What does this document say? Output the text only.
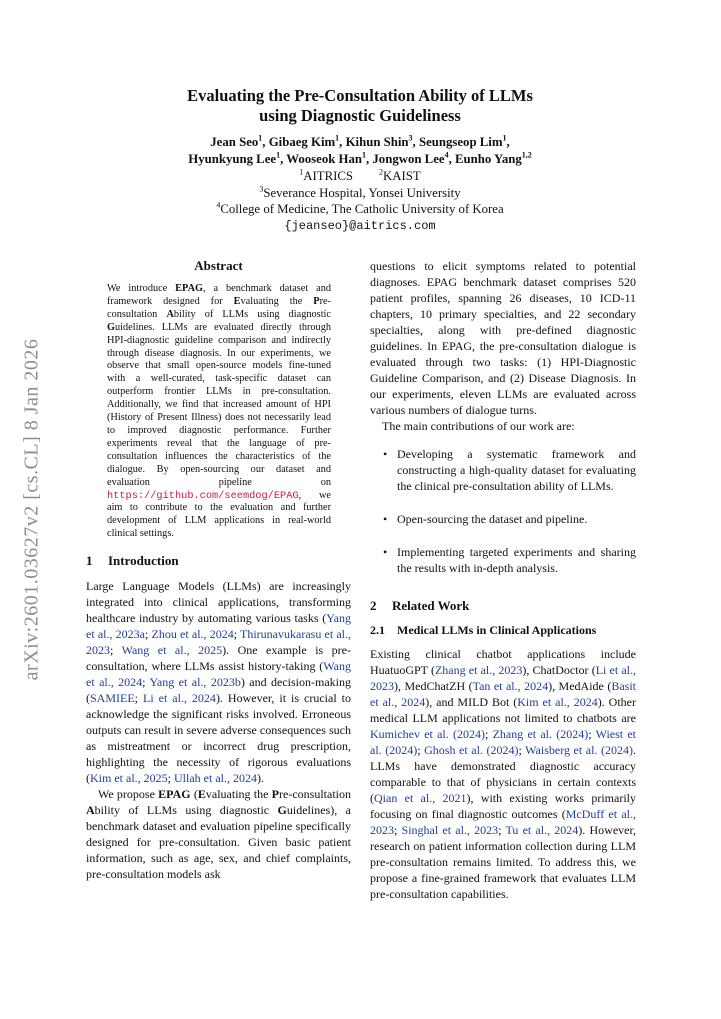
arXiv:2601.03627v2 [cs.CL] 8 Jan 2026
Evaluating the Pre-Consultation Ability of LLMs
using Diagnostic Guideliness
Jean Seo$^1$, Gibaeg Kim$^1$, Kihun Shin$^3$, Seungseop Lim$^1$,
Hyunkyung Lee$^1$, Wooseok Han$^1$, Jongwon Lee$^4$, Eunho Yang$^{1,2}$
$^1$AITRICS	$^2$KAIST
$^3$Severance Hospital, Yonsei University
$^4$College of Medicine, The Catholic University of Korea
{jeanseo}@aitrics.com
Abstract

We introduce EPAG, a benchmark dataset and framework designed for Evaluating the Pre-consultation Ability of LLMs using diagnostic Guidelines. LLMs are evaluated directly through HPI-diagnostic guideline comparison and indirectly through disease diagnosis. In our experiments, we observe that small open-source models fine-tuned with a well-curated, task-specific dataset can outperform frontier LLMs in pre-consultation. Additionally, we find that increased amount of HPI (History of Present Illness) does not necessarily lead to improved diagnostic performance. Further experiments reveal that the language of pre-consultation influences the characteristics of the dialogue. By open-sourcing our dataset and evaluation pipeline on https://github.com/seemdog/EPAG, we aim to contribute to the evaluation and further development of LLM applications in real-world clinical settings.

1 Introduction

Large Language Models (LLMs) are increasingly integrated into clinical applications, transforming healthcare industry by automating various tasks (Yang et al., 2023a; Zhou et al., 2024; Thirunavukarasu et al., 2023; Wang et al., 2025). One example is pre-consultation, where LLMs assist history-taking (Wang et al., 2024; Yang et al., 2023b) and decision-making (SAMIEE; Li et al., 2024). However, it is crucial to acknowledge the significant risks involved. Erroneous outputs can result in severe adverse consequences such as mistreatment or incorrect drug prescription, highlighting the necessity of rigorous evaluations (Kim et al., 2025; Ullah et al., 2024).

We propose EPAG (Evaluating the Pre-consultation Ability of LLMs using diagnostic Guidelines), a benchmark dataset and evaluation pipeline specifically designed for pre-consultation. Given basic patient information, such as age, sex, and chief complaints, pre-consultation models ask

questions to elicit symptoms related to potential diagnoses. EPAG benchmark dataset comprises 520 patient profiles, spanning 26 diseases, 10 ICD-11 chapters, 10 primary specialties, and 22 secondary specialties, along with pre-defined diagnostic guidelines. In EPAG, the pre-consultation dialogue is evaluated through two tasks: (1) HPI-Diagnostic Guideline Comparison, and (2) Disease Diagnosis. In our experiments, eleven LLMs are evaluated across various numbers of dialogue turns.

The main contributions of our work are:

• Developing a systematic framework and constructing a high-quality dataset for evaluating the clinical pre-consultation ability of LLMs.
• Open-sourcing the dataset and pipeline.
• Implementing targeted experiments and sharing the results with in-depth analysis.
2 Related Work
2.1 Medical LLMs in Clinical Applications

Existing clinical chatbot applications include HuatuoGPT (Zhang et al., 2023), ChatDoctor (Li et al., 2023), MedChatZH (Tan et al., 2024), MedAide (Basit et al., 2024), and MILD Bot (Kim et al., 2024). Other medical LLM applications not limited to chatbots are Kumichev et al. (2024); Zhang et al. (2024); Wiest et al. (2024); Ghosh et al. (2024); Waisberg et al. (2024). LLMs have demonstrated diagnostic accuracy comparable to that of physicians in certain contexts (Qian et al., 2021), with existing works primarily focusing on final diagnostic outcomes (McDuff et al., 2023; Singhal et al., 2023; Tu et al., 2024). However, research on patient information collection during LLM pre-consultation remains limited. To address this, we propose a fine-grained framework that evaluates LLM pre-consultation capabilities.
